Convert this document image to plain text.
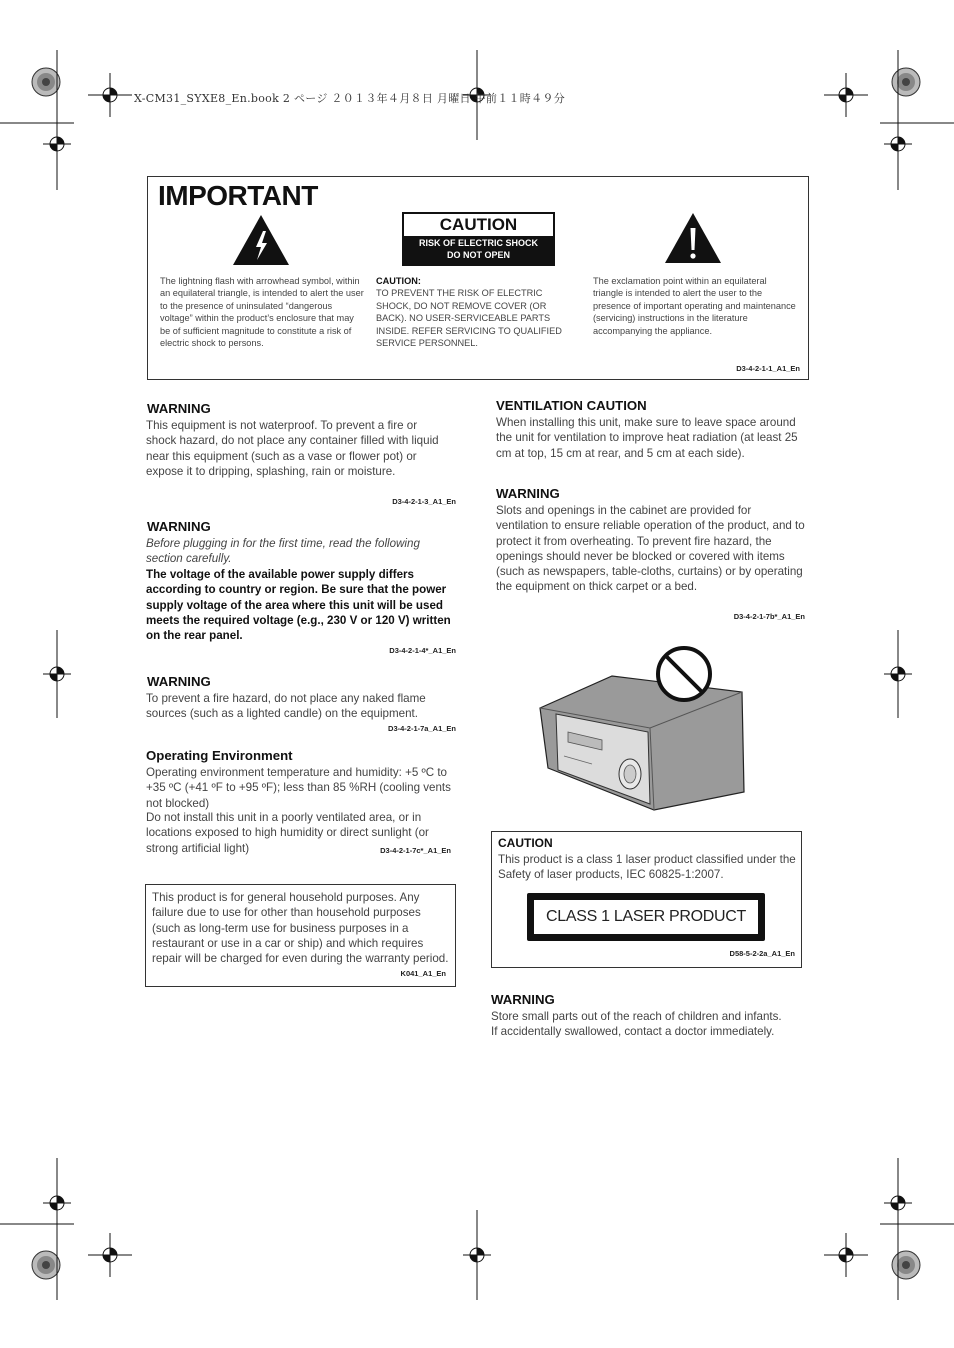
X-CM31_SYXE8_En.book 2 ページ ２０１３年４月８日 月曜日 午前１１時４９分
IMPORTANT
CAUTION
RISK OF ELECTRIC SHOCK
DO NOT OPEN
The lightning flash with arrowhead symbol, within an equilateral triangle, is intended to alert the user to the presence of uninsulated “dangerous voltage” within the product’s enclosure that may be of sufficient magnitude to constitute a risk of electric shock to persons.
CAUTION:
TO PREVENT THE RISK OF ELECTRIC SHOCK, DO NOT REMOVE COVER (OR BACK). NO USER-SERVICEABLE PARTS INSIDE. REFER SERVICING TO QUALIFIED SERVICE PERSONNEL.
The exclamation point within an equilateral triangle is intended to alert the user to the presence of important operating and maintenance (servicing) instructions in the literature accompanying the appliance.
D3-4-2-1-1_A1_En
WARNING
This equipment is not waterproof. To prevent a fire or shock hazard, do not place any container filled with liquid near this equipment (such as a vase or flower pot) or expose it to dripping, splashing, rain or moisture.
D3-4-2-1-3_A1_En
WARNING
Before plugging in for the first time, read the following section carefully.
The voltage of the available power supply differs according to country or region. Be sure that the power supply voltage of the area where this unit will be used meets the required voltage (e.g., 230 V or 120 V) written on the rear panel.
D3-4-2-1-4*_A1_En
WARNING
To prevent a fire hazard, do not place any naked flame sources (such as a lighted candle) on the equipment.
D3-4-2-1-7a_A1_En
Operating Environment
Operating environment temperature and humidity: +5 ºC to +35 ºC (+41 ºF to +95 ºF); less than 85 %RH (cooling vents not blocked)
Do not install this unit in a poorly ventilated area, or in locations exposed to high humidity or direct sunlight (or strong artificial light)	D3-4-2-1-7c*_A1_En
This product is for general household purposes. Any failure due to use for other than household purposes (such as long-term use for business purposes in a restaurant or use in a car or ship) and which requires repair will be charged for even during the warranty period.
K041_A1_En
VENTILATION CAUTION
When installing this unit, make sure to leave space around the unit for ventilation to improve heat radiation (at least 25 cm at top, 15 cm at rear, and 5 cm at each side).
WARNING
Slots and openings in the cabinet are provided for ventilation to ensure reliable operation of the product, and to protect it from overheating. To prevent fire hazard, the openings should never be blocked or covered with items (such as newspapers, table-cloths, curtains) or by operating the equipment on thick carpet or a bed.
D3-4-2-1-7b*_A1_En
CAUTION
This product is a class 1 laser product classified under the Safety of laser products, IEC 60825-1:2007.
CLASS 1 LASER PRODUCT
D58-5-2-2a_A1_En
WARNING
Store small parts out of the reach of children and infants. If accidentally swallowed, contact a doctor immediately.
